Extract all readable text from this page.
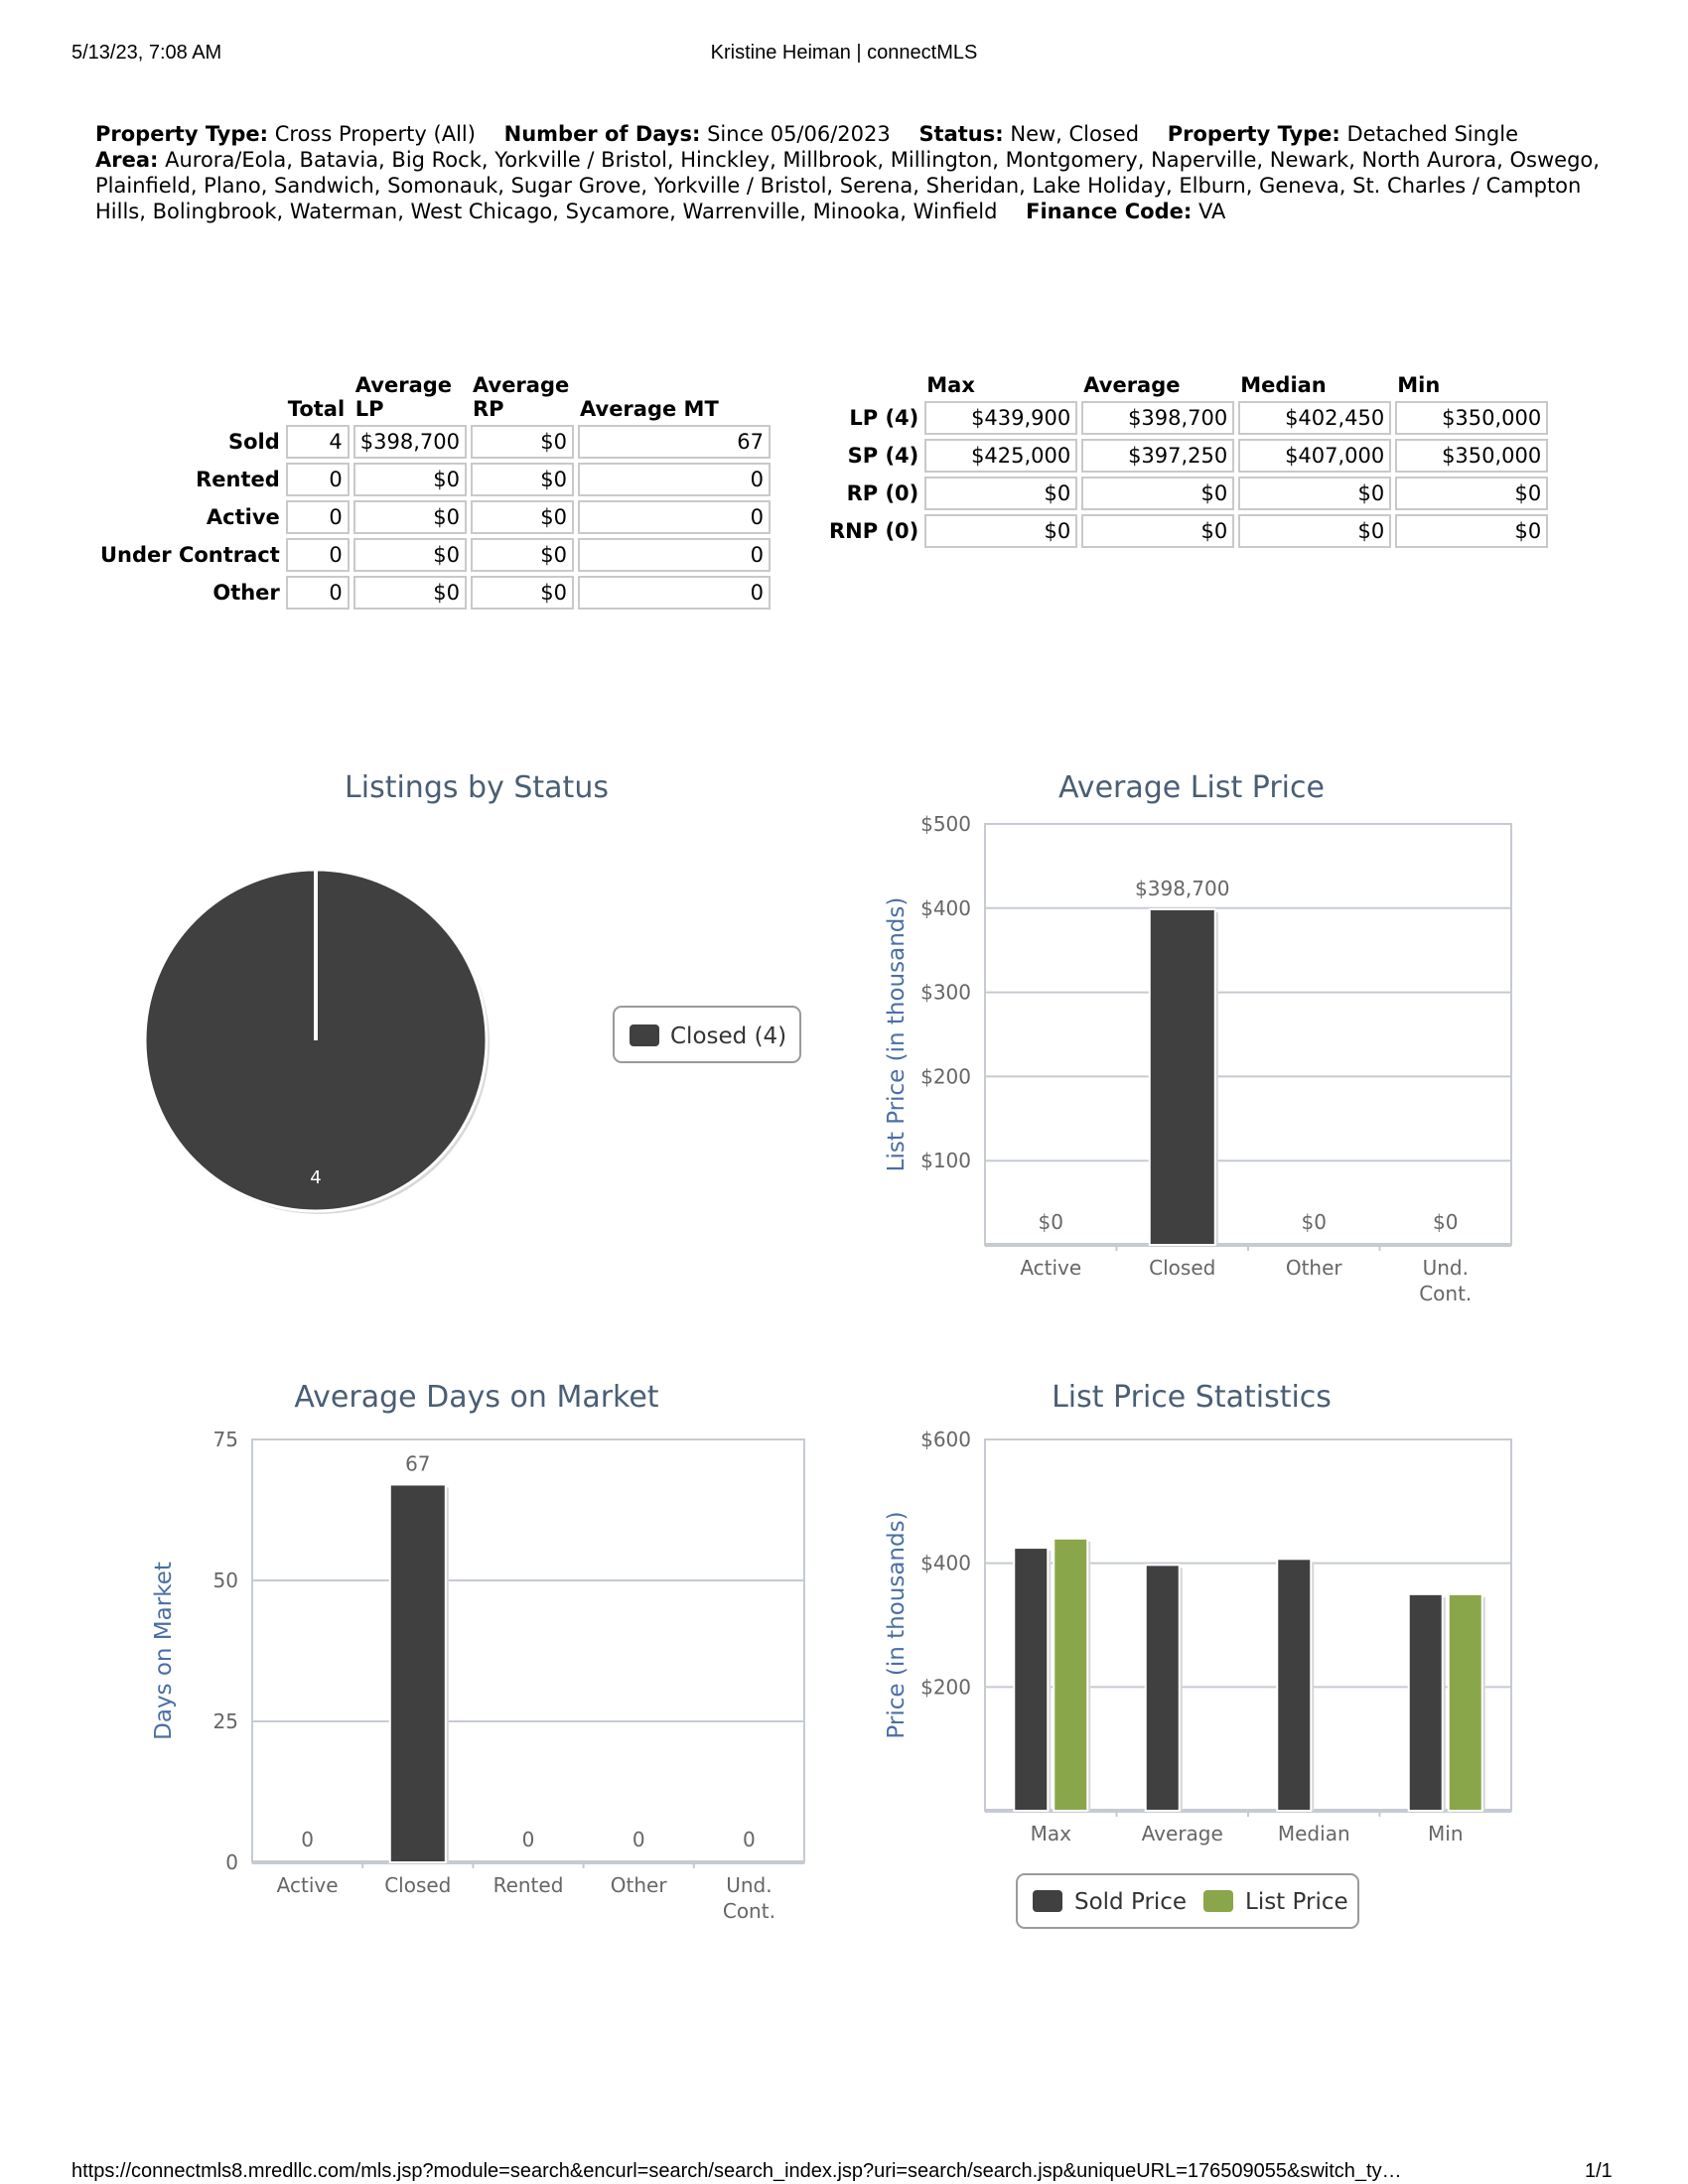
5/13/23, 7:08 AM	Kristine Heiman | connectMLS
Property Type: Cross Property (All) Number of Days: Since 05/06/2023 Status: New, Closed Property Type: Detached Single Area: Aurora/Eola, Batavia, Big Rock, Yorkville / Bristol, Hinckley, Millbrook, Millington, Montgomery, Naperville, Newark, North Aurora, Oswego, Plainfield, Plano, Sandwich, Somonauk, Sugar Grove, Yorkville / Bristol, Serena, Sheridan, Lake Holiday, Elburn, Geneva, St. Charles / Campton Hills, Bolingbrook, Waterman, West Chicago, Sycamore, Warrenville, Minooka, Winfield Finance Code: VA
	Total	Average LP	Average RP	Average MT
Sold	4	$398,700	$0	67
Rented	0	$0	$0	0
Active	0	$0	$0	0
Under Contract	0	$0	$0	0
Other	0	$0	$0	0
	Max	Average	Median	Min
LP (4)	$439,900	$398,700	$402,450	$350,000
SP (4)	$425,000	$397,250	$407,000	$350,000
RP (0)	$0	$0	$0	$0
RNP (0)	$0	$0	$0	$0
Listings by Status
4
Closed (4)
Average List Price
$100
$200
$300
$400
$500
List Price (in thousands)
Active	Closed	Other	Und. Cont.
$0
$398,700
$0	$0
Average Days on Market
0
25
50
75
Days on Market
Active Closed Rented Other	Und. Cont.
0
67
0	0	0
List Price Statistics
$200
$400
$600
Price (in thousands)
Max	Average	Median	Min
Sold Price	List Price
https://connectmls8.mredllc.com/mls.jsp?module=search&encurl=search/search_index.jsp?uri=search/search.jsp&uniqueURL=176509055&switch_ty…	1/1
